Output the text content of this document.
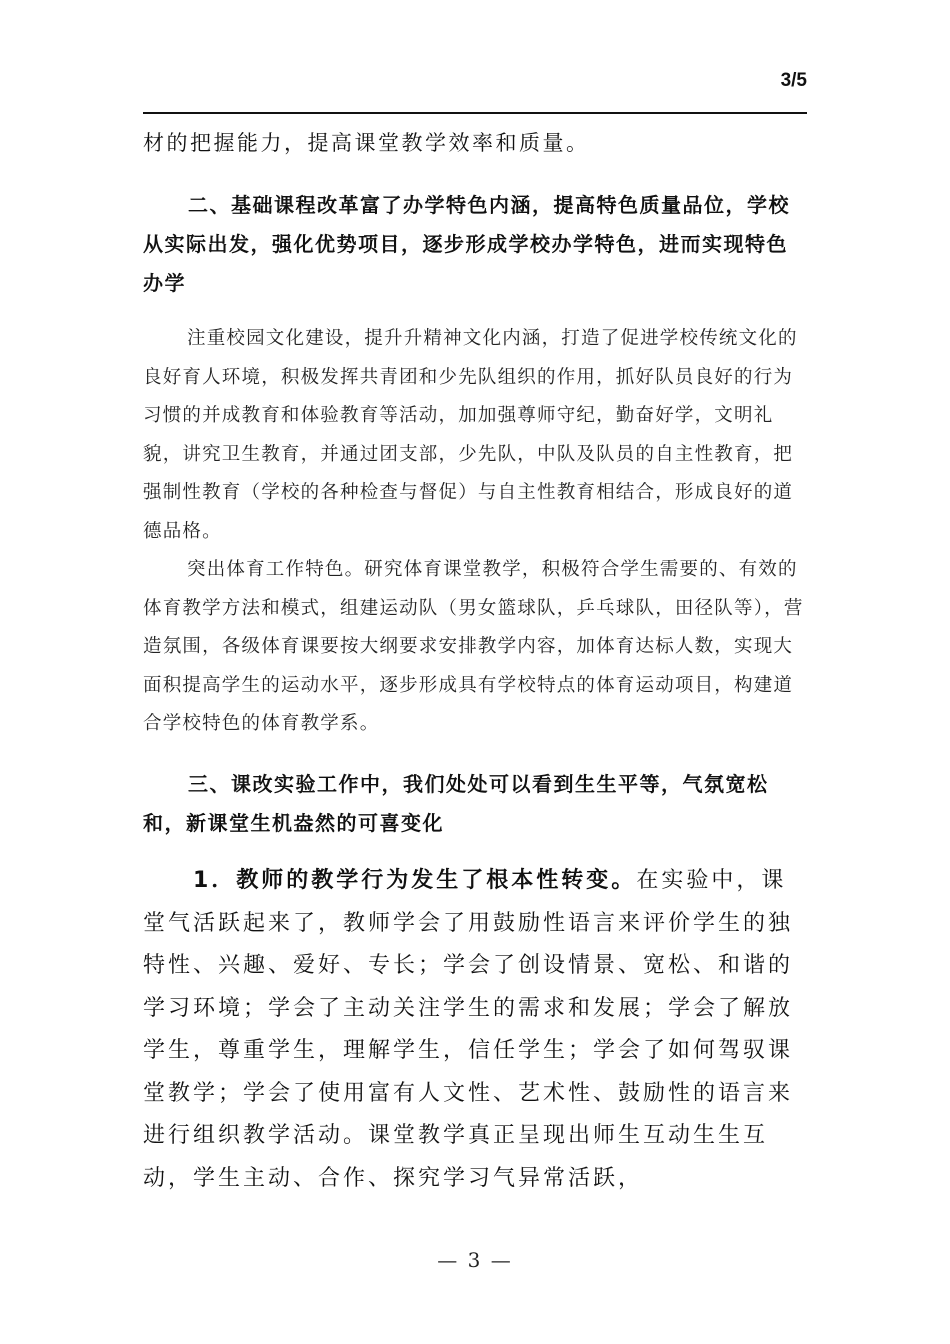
3/5

材的把握能力，提高课堂教学效率和质量。

二、基础课程改革富了办学特色内涵，提高特色质量品位，学校从实际出发，强化优势项目，逐步形成学校办学特色，进而实现特色办学

注重校园文化建设，提升升精神文化内涵，打造了促进学校传统文化的良好育人环境，积极发挥共青团和少先队组织的作用，抓好队员良好的行为习惯的并成教育和体验教育等活动，加加强尊师守纪，勤奋好学，文明礼貌，讲究卫生教育，并通过团支部，少先队，中队及队员的自主性教育，把强制性教育（学校的各种检查与督促）与自主性教育相结合，形成良好的道德品格。

突出体育工作特色。研究体育课堂教学，积极符合学生需要的、有效的体育教学方法和模式，组建运动队（男女篮球队，乒乓球队，田径队等），营造氛围，各级体育课要按大纲要求安排教学内容，加体育达标人数，实现大面积提高学生的运动水平，逐步形成具有学校特点的体育运动项目，构建道合学校特色的体育教学系。

三、课改实验工作中，我们处处可以看到生生平等，气氛宽松和，新课堂生机盎然的可喜变化

1．教师的教学行为发生了根本性转变。在实验中，课堂气活跃起来了，教师学会了用鼓励性语言来评价学生的独特性、兴趣、爱好、专长；学会了创设情景、宽松、和谐的学习环境；学会了主动关注学生的需求和发展；学会了解放学生，尊重学生，理解学生，信任学生；学会了如何驾驭课堂教学；学会了使用富有人文性、艺术性、鼓励性的语言来进行组织教学活动。课堂教学真正呈现出师生互动生生互动，学生主动、合作、探究学习气异常活跃，

— 3 —
